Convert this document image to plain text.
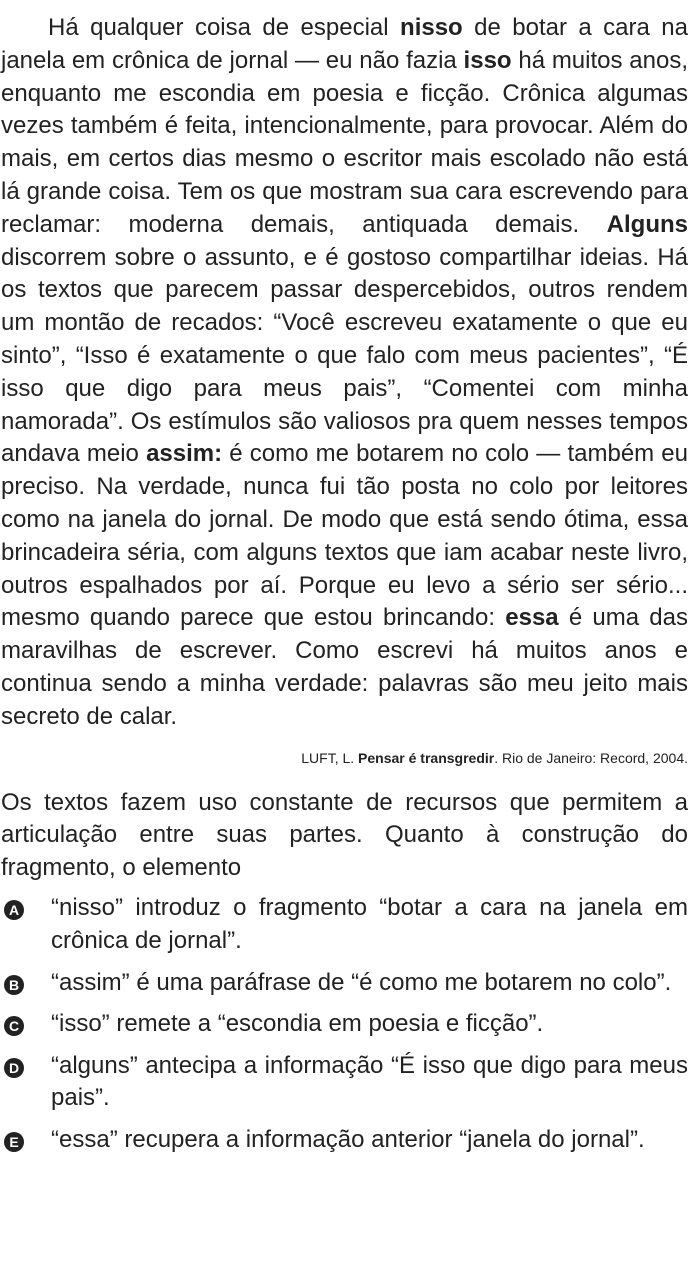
Há qualquer coisa de especial nisso de botar a cara na janela em crônica de jornal — eu não fazia isso há muitos anos, enquanto me escondia em poesia e ficção. Crônica algumas vezes também é feita, intencionalmente, para provocar. Além do mais, em certos dias mesmo o escritor mais escolado não está lá grande coisa. Tem os que mostram sua cara escrevendo para reclamar: moderna demais, antiquada demais. Alguns discorrem sobre o assunto, e é gostoso compartilhar ideias. Há os textos que parecem passar despercebidos, outros rendem um montão de recados: “Você escreveu exatamente o que eu sinto”, “Isso é exatamente o que falo com meus pacientes”, “É isso que digo para meus pais”, “Comentei com minha namorada”. Os estímulos são valiosos pra quem nesses tempos andava meio assim: é como me botarem no colo — também eu preciso. Na verdade, nunca fui tão posta no colo por leitores como na janela do jornal. De modo que está sendo ótima, essa brincadeira séria, com alguns textos que iam acabar neste livro, outros espalhados por aí. Porque eu levo a sério ser sério... mesmo quando parece que estou brincando: essa é uma das maravilhas de escrever. Como escrevi há muitos anos e continua sendo a minha verdade: palavras são meu jeito mais secreto de calar.

LUFT, L. Pensar é transgredir. Rio de Janeiro: Record, 2004.

Os textos fazem uso constante de recursos que permitem a articulação entre suas partes. Quanto à construção do fragmento, o elemento

A “nisso” introduz o fragmento “botar a cara na janela em crônica de jornal”.
B “assim” é uma paráfrase de “é como me botarem no colo”.
C “isso” remete a “escondia em poesia e ficção”.
D “alguns” antecipa a informação “É isso que digo para meus pais”.
E “essa” recupera a informação anterior “janela do jornal”.
